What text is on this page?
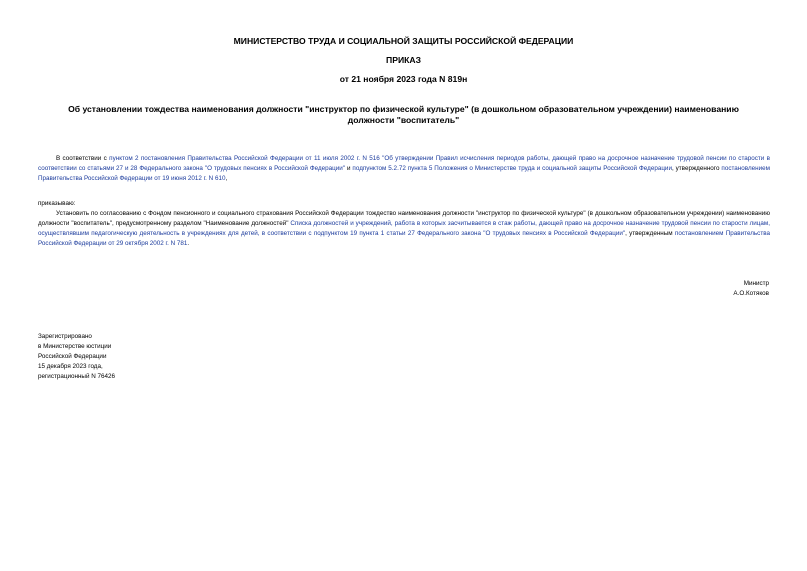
МИНИСТЕРСТВО ТРУДА И СОЦИАЛЬНОЙ ЗАЩИТЫ РОССИЙСКОЙ ФЕДЕРАЦИИ
ПРИКАЗ
от 21 ноября 2023 года N 819н
Об установлении тождества наименования должности "инструктор по физической культуре" (в дошкольном образовательном учреждении) наименованию должности "воспитатель"
В соответствии с пунктом 2 постановления Правительства Российской Федерации от 11 июля 2002 г. N 516 "Об утверждении Правил исчисления периодов работы, дающей право на досрочное назначение трудовой пенсии по старости в соответствии со статьями 27 и 28 Федерального закона "О трудовых пенсиях в Российской Федерации" и подпунктом 5.2.72 пункта 5 Положения о Министерстве труда и социальной защиты Российской Федерации, утвержденного постановлением Правительства Российской Федерации от 19 июня 2012 г. N 610,
приказываю:
Установить по согласованию с Фондом пенсионного и социального страхования Российской Федерации тождество наименования должности "инструктор по физической культуре" (в дошкольном образовательном учреждении) наименованию должности "воспитатель", предусмотренному разделом "Наименование должностей" Списка должностей и учреждений, работа в которых засчитывается в стаж работы, дающей право на досрочное назначение трудовой пенсии по старости лицам, осуществлявшим педагогическую деятельность в учреждениях для детей, в соответствии с подпунктом 19 пункта 1 статьи 27 Федерального закона "О трудовых пенсиях в Российской Федерации", утвержденным постановлением Правительства Российской Федерации от 29 октября 2002 г. N 781.
Министр
А.О.Котяков
Зарегистрировано
в Министерстве юстиции
Российской Федерации
15 декабря 2023 года,
регистрационный N 76426
